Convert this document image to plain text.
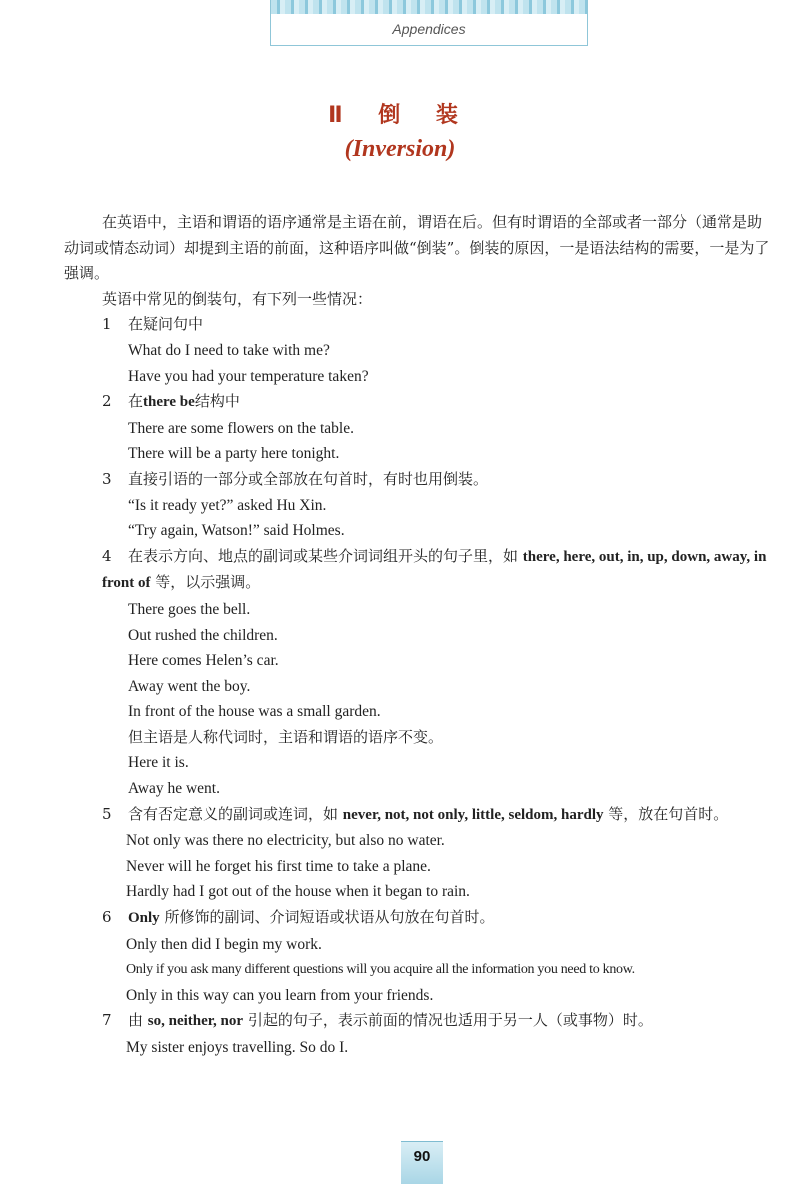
Appendices
Ⅱ 倒 装
(Inversion)

在英语中，主语和谓语的语序通常是主语在前，谓语在后。但有时谓语的全部或者一部分（通常是助动词或情态动词）却提到主语的前面，这种语序叫做“倒装”。倒装的原因，一是语法结构的需要，一是为了强调。

英语中常见的倒装句，有下列一些情况：

1 在疑问句中
What do I need to take with me?
Have you had your temperature taken?
2 在there be结构中
There are some flowers on the table.
There will be a party here tonight.
3 直接引语的一部分或全部放在句首时，有时也用倒装。
“Is it ready yet?” asked Hu Xin.
“Try again, Watson!” said Holmes.
4 在表示方向、地点的副词或某些介词词组开头的句子里，如 there, here, out, in, up, down, away, in front of 等，以示强调。
There goes the bell.
Out rushed the children.
Here comes Helen’s car.
Away went the boy.
In front of the house was a small garden.
但主语是人称代词时，主语和谓语的语序不变。
Here it is.
Away he went.
5 含有否定意义的副词或连词，如 never, not, not only, little, seldom, hardly 等，放在句首时。
Not only was there no electricity, but also no water.
Never will he forget his first time to take a plane.
Hardly had I got out of the house when it began to rain.
6 Only 所修饰的副词、介词短语或状语从句放在句首时。
Only then did I begin my work.
Only if you ask many different questions will you acquire all the information you need to know.
Only in this way can you learn from your friends.
7 由 so, neither, nor 引起的句子，表示前面的情况也适用于另一人（或事物）时。
My sister enjoys travelling. So do I.
90
